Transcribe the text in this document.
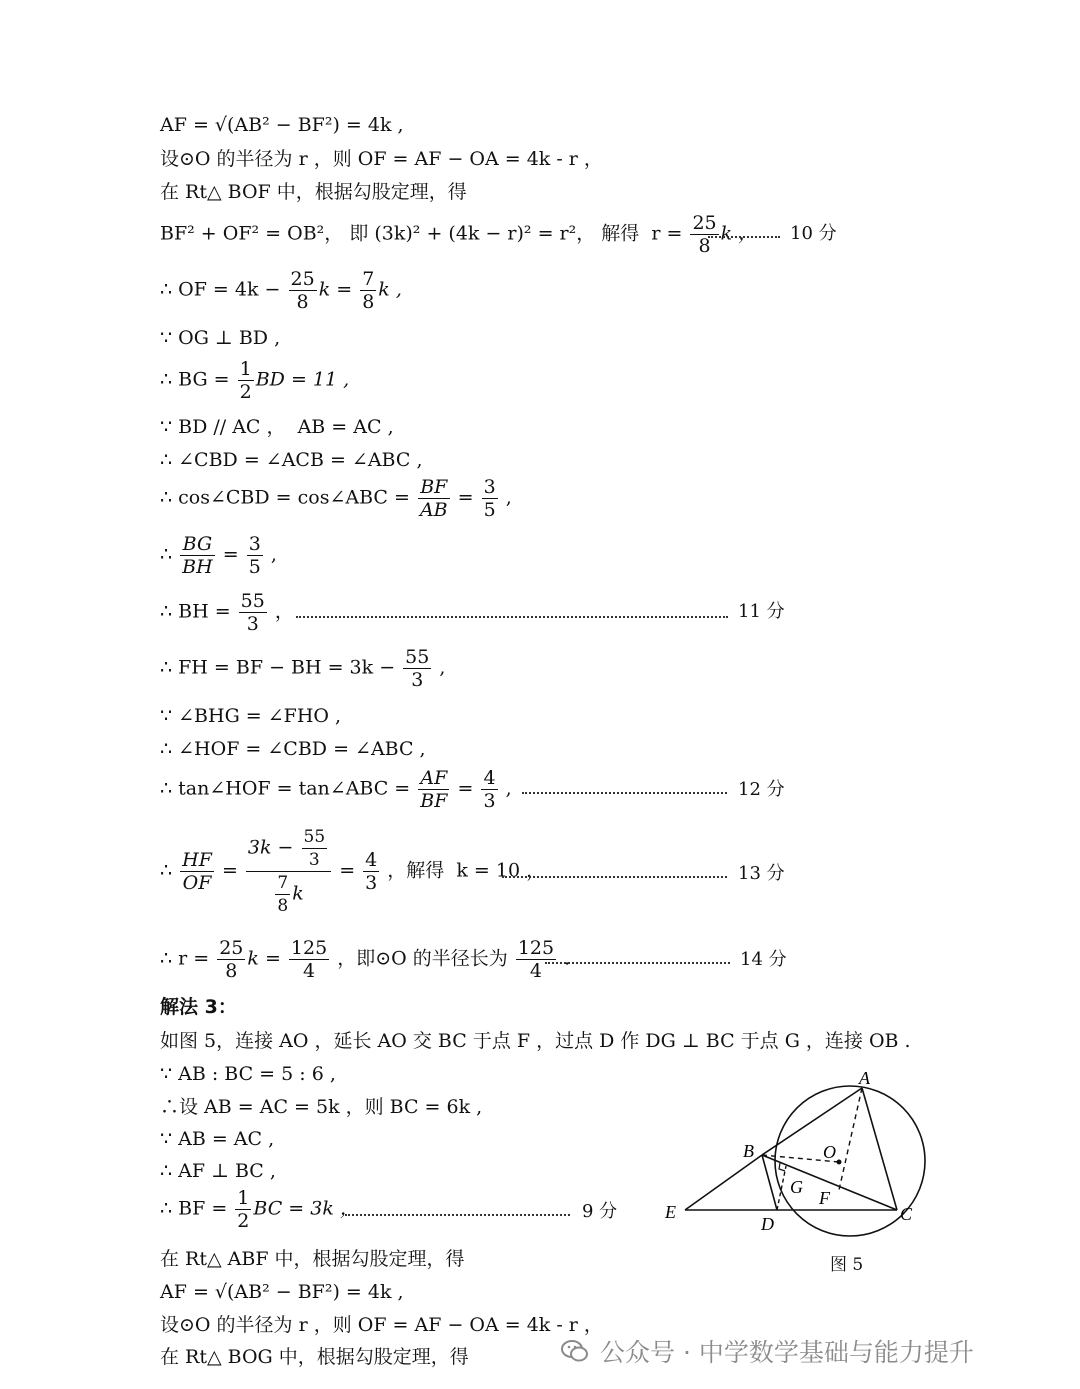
AF = √(AB² − BF²) = 4k ,
设⊙O 的半径为 r ，则 OF = AF − OA = 4k - r ，
在 Rt△ BOF 中，根据勾股定理，得
BF² + OF² = OB²， 即 (3k)² + (4k − r)² = r²， 解得  $r = \frac{25}{8}$ k ， 10 分
∴ OF = $4k - \frac{25}{8}$ $k = \frac{7}{8}$ k ,
∵ OG ⊥ BD ,
∴ BG = $\frac{1}{2}$ BD = 11 ,
∵ BD // AC ，  AB = AC ,
∴ ∠CBD = ∠ACB = ∠ABC ,
∴ cos∠CBD = cos∠ABC = $\frac{BF}{AB} = \frac{3}{5}$ ,
∴ $\frac{BG}{BH} = \frac{3}{5}$ ,
∴ BH = $\frac{55}{3}$ ，	11 分
∴ FH = BF − BH = $3k - \frac{55}{3}$ ,
∵ ∠BHG = ∠FHO ,
∴ ∠HOF = ∠CBD = ∠ABC ,
∴ tan∠HOF = tan∠ABC = $\frac{AF}{BF} = \frac{4}{3}$ ,	12 分
∴ $\frac{HF}{OF} = \frac{3k - \frac{55}{3}}{\frac{7}{8} k} = \frac{4}{3}$ ，解得  k = 10 ，	13 分
∴ $r = \frac{25}{8}$ $k = \frac{125}{4}$ ，即⊙O 的半径长为 $\frac{125}{4}$ .	14 分
解法 3：
如图 5，连接 AO ，延长 AO 交 BC 于点 F ，过点 D 作 DG ⊥ BC 于点 G ，连接 OB .
∵ AB : BC = 5 : 6 ,
∴设 AB = AC = 5k ，则 BC = 6k ,
∵ AB = AC ,
∴ AF ⊥ BC ,
∴ BF = $\frac{1}{2}$ BC = 3k ，	9 分
在 Rt△ ABF 中，根据勾股定理，得
AF = √(AB² − BF²) = 4k ,
设⊙O 的半径为 r ，则 OF = AF − OA = 4k - r ，
在 Rt△ BOG 中，根据勾股定理，得
A
B
C
D
E
F
G
O
图 5
公众号 · 中学数学基础与能力提升
